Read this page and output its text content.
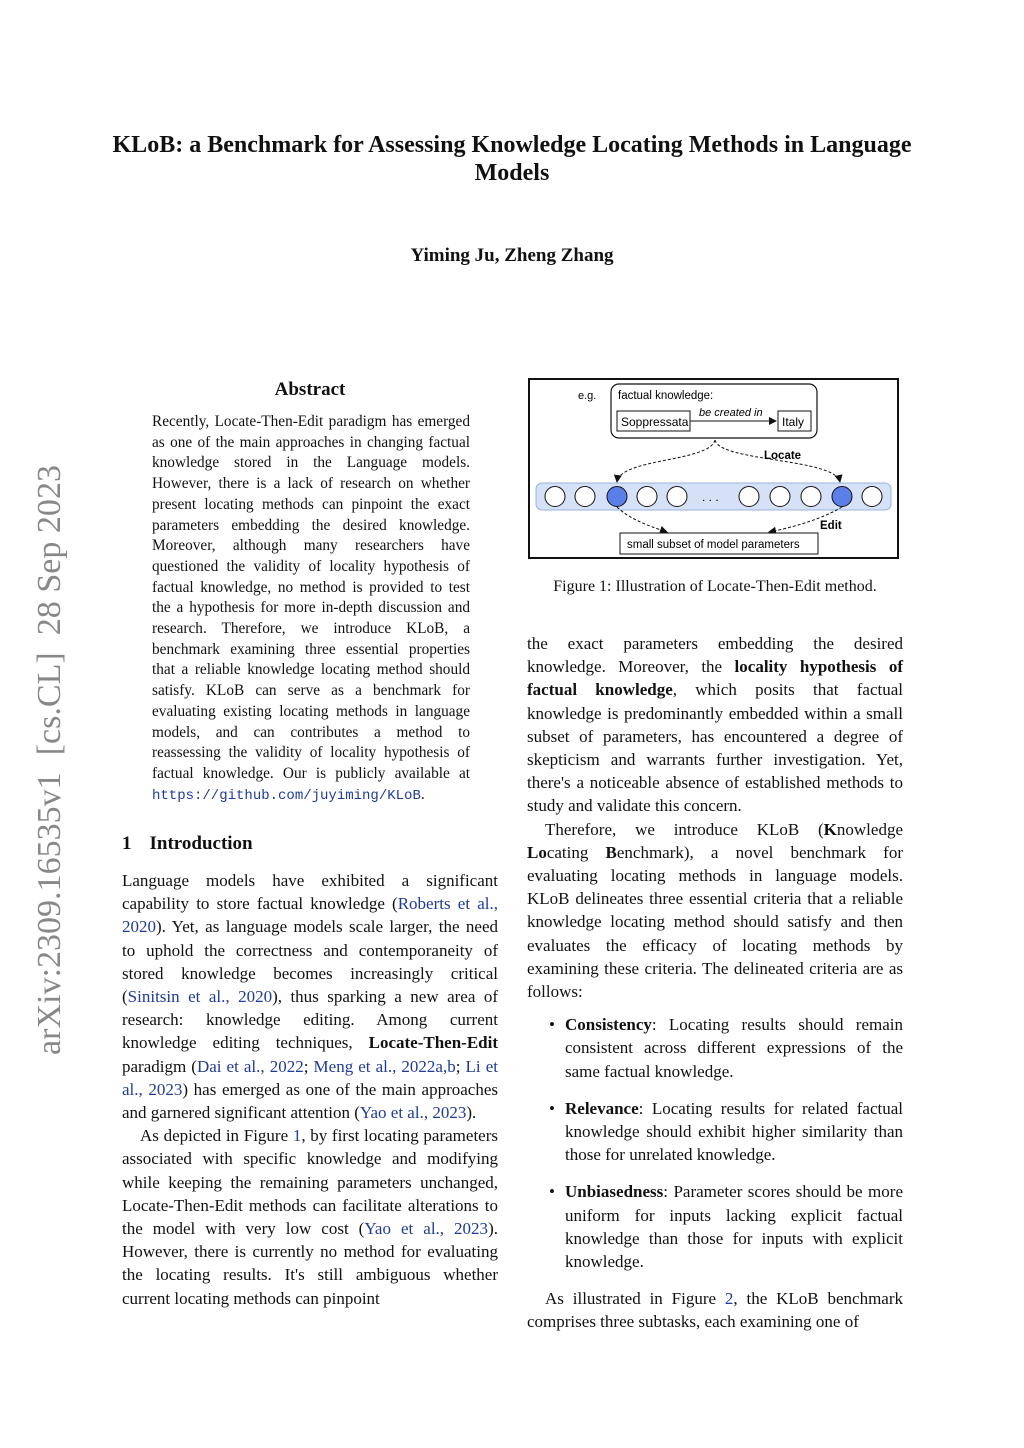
KLoB: a Benchmark for Assessing Knowledge Locating Methods in Language Models
Yiming Ju, Zheng Zhang
arXiv:2309.16535v1  [cs.CL]  28 Sep 2023
Abstract
Recently, Locate-Then-Edit paradigm has emerged as one of the main approaches in changing factual knowledge stored in the Language models. However, there is a lack of research on whether present locating methods can pinpoint the exact parameters embedding the desired knowledge. Moreover, although many researchers have questioned the validity of locality hypothesis of factual knowledge, no method is provided to test the a hypothesis for more in-depth discussion and research. Therefore, we introduce KLoB, a benchmark examining three essential properties that a reliable knowledge locating method should satisfy. KLoB can serve as a benchmark for evaluating existing locating methods in language models, and can contributes a method to reassessing the validity of locality hypothesis of factual knowledge. Our is publicly available at https://github.com/juyiming/KLoB.
e.g. factual knowledge:
Soppressata
be created in
Italy
Locate
. . .
Edit
small subset of model parameters
Figure 1: Illustration of Locate-Then-Edit method.
1 Introduction

Language models have exhibited a significant capability to store factual knowledge (Roberts et al., 2020). Yet, as language models scale larger, the need to uphold the correctness and contemporaneity of stored knowledge becomes increasingly critical (Sinitsin et al., 2020), thus sparking a new area of research: knowledge editing. Among current knowledge editing techniques, Locate-Then-Edit paradigm (Dai et al., 2022; Meng et al., 2022a,b; Li et al., 2023) has emerged as one of the main approaches and garnered significant attention (Yao et al., 2023).

As depicted in Figure 1, by first locating parameters associated with specific knowledge and modifying while keeping the remaining parameters unchanged, Locate-Then-Edit methods can facilitate alterations to the model with very low cost (Yao et al., 2023). However, there is currently no method for evaluating the locating results. It's still ambiguous whether current locating methods can pinpoint

the exact parameters embedding the desired knowledge. Moreover, the locality hypothesis of factual knowledge, which posits that factual knowledge is predominantly embedded within a small subset of parameters, has encountered a degree of skepticism and warrants further investigation. Yet, there's a noticeable absence of established methods to study and validate this concern.

Therefore, we introduce KLoB (Knowledge Locating Benchmark), a novel benchmark for evaluating locating methods in language models. KLoB delineates three essential criteria that a reliable knowledge locating method should satisfy and then evaluates the efficacy of locating methods by examining these criteria. The delineated criteria are as follows:

• Consistency: Locating results should remain consistent across different expressions of the same factual knowledge.
• Relevance: Locating results for related factual knowledge should exhibit higher similarity than those for unrelated knowledge.
• Unbiasedness: Parameter scores should be more uniform for inputs lacking explicit factual knowledge than those for inputs with explicit knowledge.

As illustrated in Figure 2, the KLoB benchmark comprises three subtasks, each examining one of
